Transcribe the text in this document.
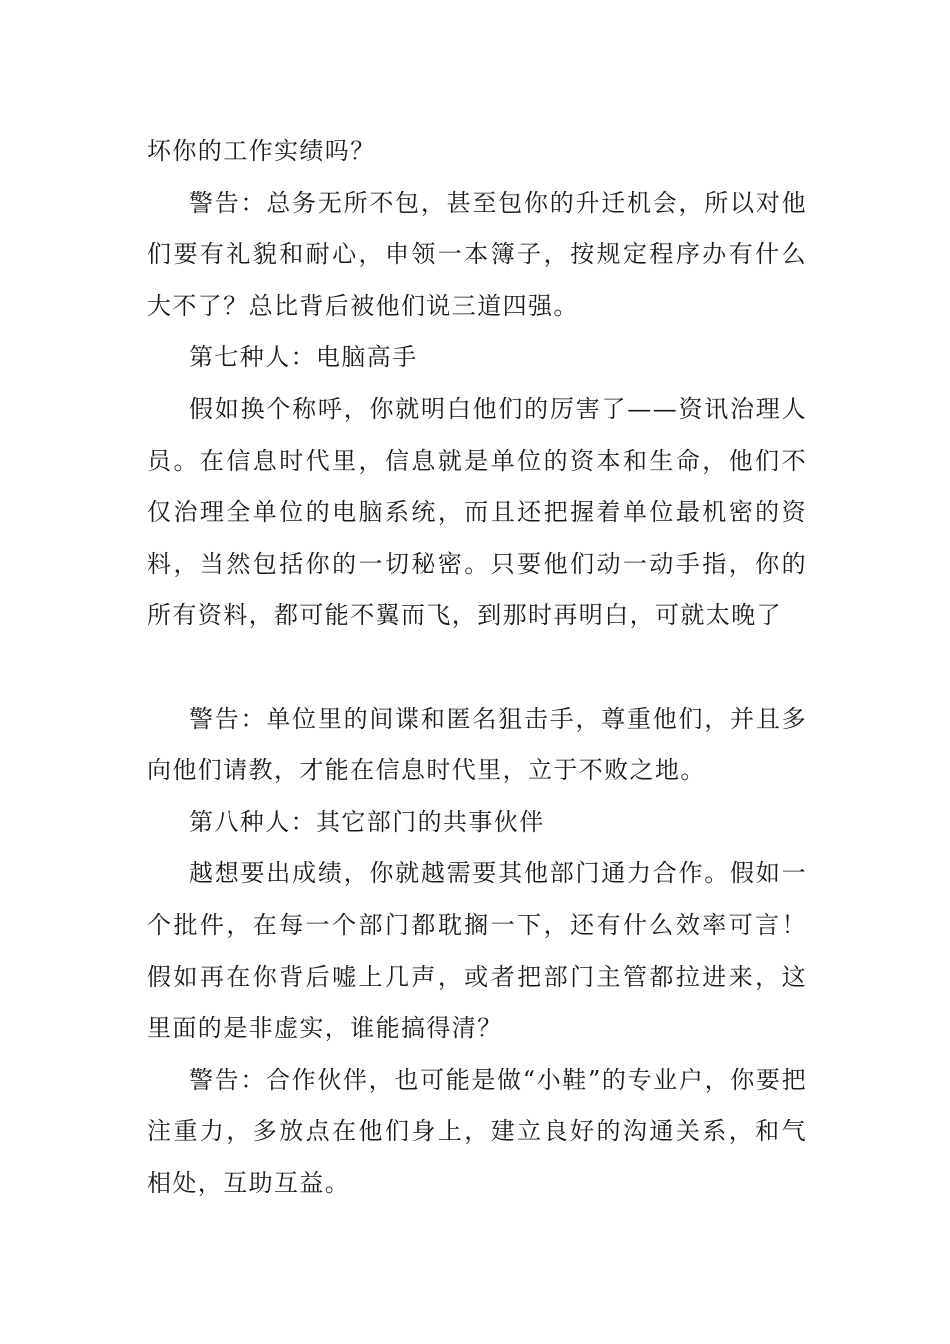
坏你的工作实绩吗？

警告：总务无所不包，甚至包你的升迁机会，所以对他们要有礼貌和耐心，申领一本簿子，按规定程序办有什么大不了？总比背后被他们说三道四强。

第七种人：电脑高手

假如换个称呼，你就明白他们的厉害了——资讯治理人员。在信息时代里，信息就是单位的资本和生命，他们不仅治理全单位的电脑系统，而且还把握着单位最机密的资料，当然包括你的一切秘密。只要他们动一动手指，你的所有资料，都可能不翼而飞，到那时再明白，可就太晚了

警告：单位里的间谍和匿名狙击手，尊重他们，并且多向他们请教，才能在信息时代里，立于不败之地。

第八种人：其它部门的共事伙伴

越想要出成绩，你就越需要其他部门通力合作。假如一个批件，在每一个部门都耽搁一下，还有什么效率可言！假如再在你背后嘘上几声，或者把部门主管都拉进来，这里面的是非虚实，谁能搞得清？

警告：合作伙伴，也可能是做“小鞋”的专业户，你要把注重力，多放点在他们身上，建立良好的沟通关系，和气相处，互助互益。
